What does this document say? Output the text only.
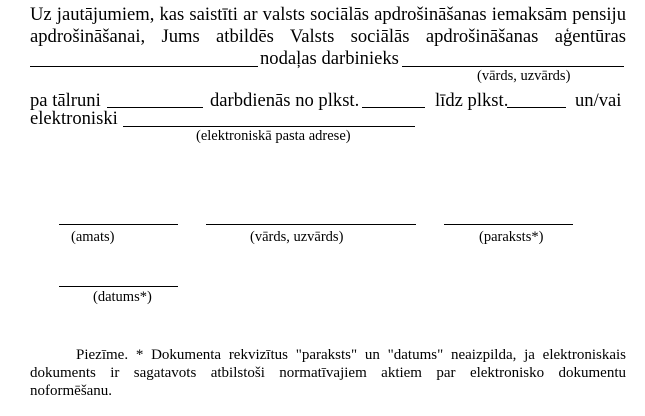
Uz jautājumiem, kas saistīti ar valsts sociālās apdrošināšanas iemaksām pensiju
apdrošināšanai, Jums atbildēs Valsts sociālās apdrošināšanas aģentūras
nodaļas darbinieks
(vārds, uzvārds)
pa tālruni	darbdienās no plkst.	līdz plkst.	un/vai
elektroniski
(elektroniskā pasta adrese)
(amats)	(vārds, uzvārds)	(paraksts*)
(datums*)
Piezīme. * Dokumenta rekvizītus "paraksts" un "datums" neaizpilda, ja elektroniskais
dokuments ir sagatavots atbilstoši normatīvajiem aktiem par elektronisko dokumentu
noformēšanu.
